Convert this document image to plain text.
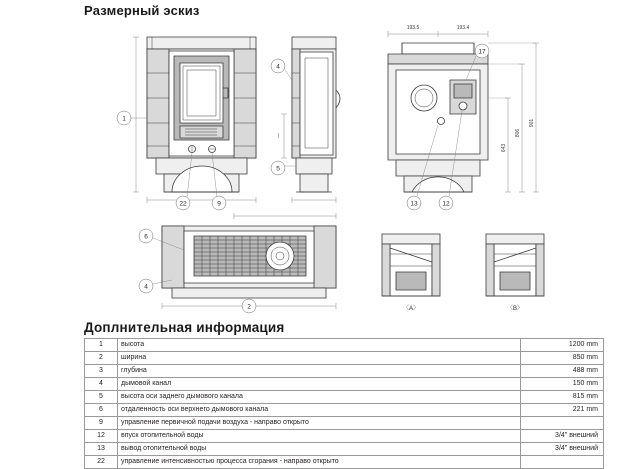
Размерный эскиз
Доплнительная информация
1
22	9
—
4
5
193.5	193.4
643
806
901
17
13	12
6
4
2	〈A〉	〈B〉
1	высота	1200 mm
2	ширина	850 mm
3	глубина	488 mm
4	дымовой канал	150 mm
5	высота оси заднего дымового канала	815 mm
6	отдаленность оси верхнего дымового канала	221 mm
9	управление первичной подачи воздуха - направо открыто	
12	впуск отопительной воды	3/4" внешний
13	вывод отопительной воды	3/4" внешний
22	управление интенсивностью процесса сгорания - направо открыто	
